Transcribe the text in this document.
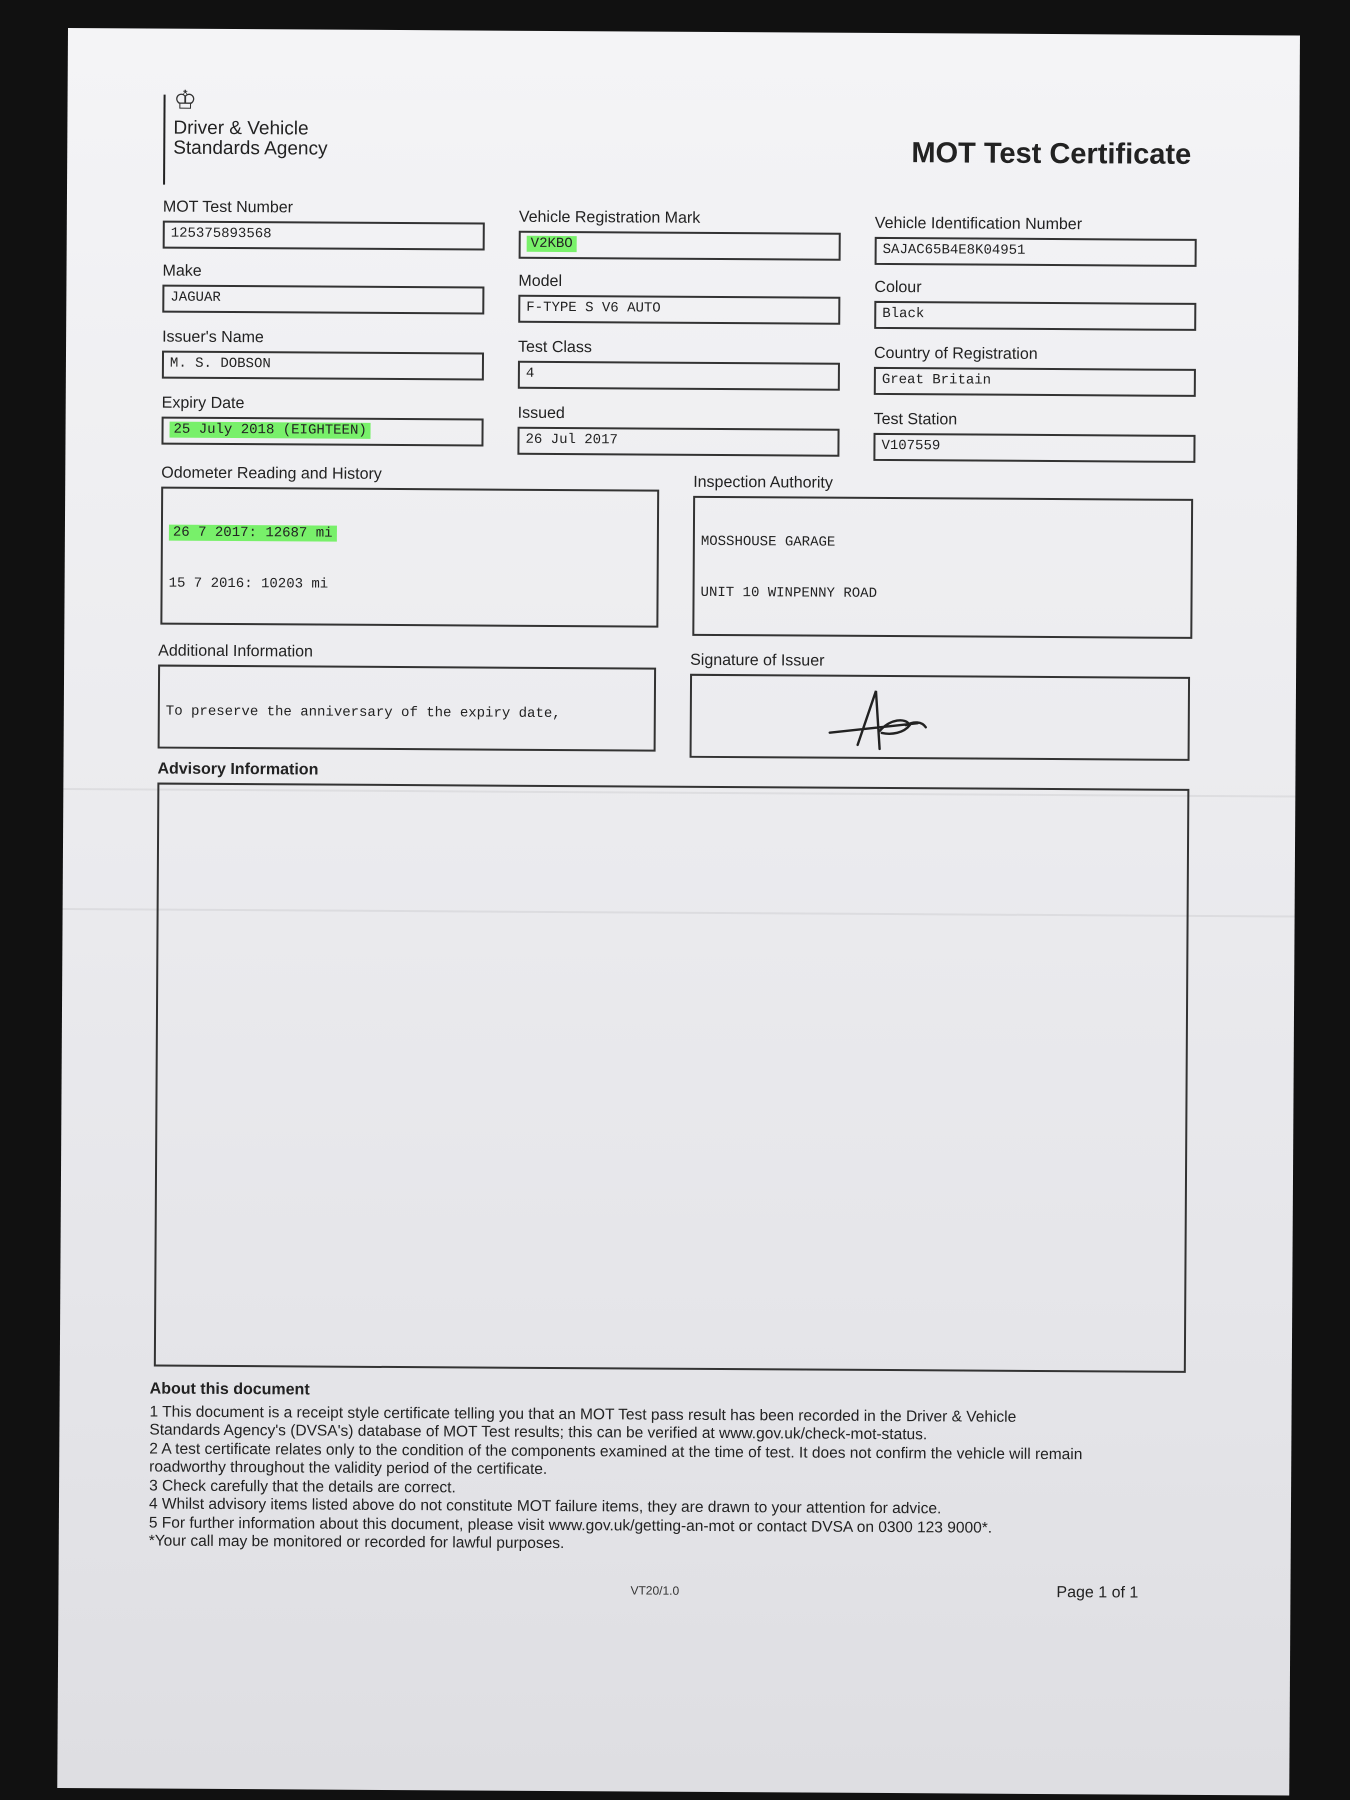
♔
Driver & Vehicle Standards Agency	MOT Test Certificate
MOT Test Number
125375893568
Vehicle Registration Mark
V2KBO
Vehicle Identification Number
SAJAC65B4E8K04951
Make
JAGUAR
Model
F-TYPE S V6 AUTO
Colour
Black
Issuer's Name
M. S. DOBSON
Test Class
4
Country of Registration
Great Britain
Expiry Date
25 July 2018 (EIGHTEEN)
Issued
26 Jul 2017
Test Station
V107559
Odometer Reading and History

26 7 2017: 12687 mi

15 7 2016: 10203 mi

Inspection Authority

MOSSHOUSE GARAGE

UNIT 10 WINPENNY ROAD

Additional Information

To preserve the anniversary of the expiry date,

Signature of Issuer

Advisory Information
About this document
1 This document is a receipt style certificate telling you that an MOT Test pass result has been recorded in the Driver & Vehicle
Standards Agency's (DVSA's) database of MOT Test results; this can be verified at www.gov.uk/check-mot-status.
2 A test certificate relates only to the condition of the components examined at the time of test. It does not confirm the vehicle will remain
roadworthy throughout the validity period of the certificate.
3 Check carefully that the details are correct.
4 Whilst advisory items listed above do not constitute MOT failure items, they are drawn to your attention for advice.
5 For further information about this document, please visit www.gov.uk/getting-an-mot or contact DVSA on 0300 123 9000*.
*Your call may be monitored or recorded for lawful purposes.
VT20/1.0	Page 1 of 1
